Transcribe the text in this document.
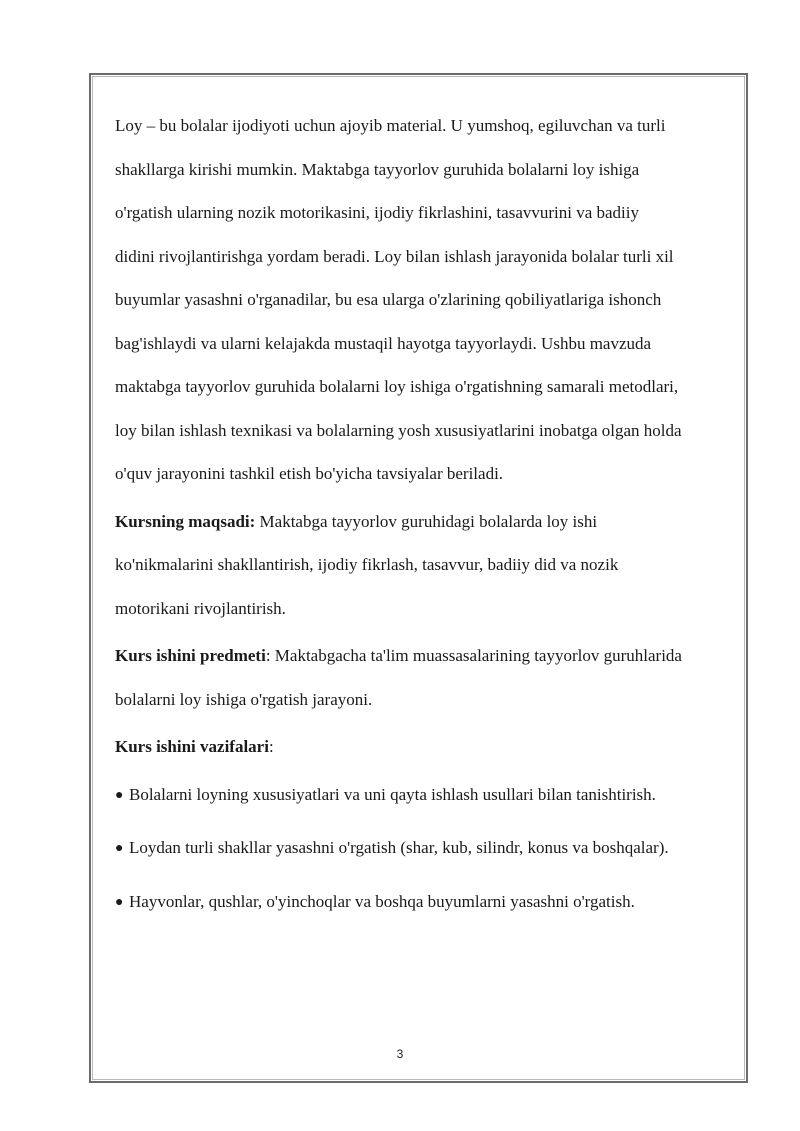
Loy – bu bolalar ijodiyoti uchun ajoyib material. U yumshoq, egiluvchan va turli
shakllarga kirishi mumkin. Maktabga tayyorlov guruhida bolalarni loy ishiga
o'rgatish ularning nozik motorikasini, ijodiy fikrlashini, tasavvurini va badiiy
didini rivojlantirishga yordam beradi. Loy bilan ishlash jarayonida bolalar turli xil
buyumlar yasashni o'rganadilar, bu esa ularga o'zlarining qobiliyatlariga ishonch
bag'ishlaydi va ularni kelajakda mustaqil hayotga tayyorlaydi. Ushbu mavzuda
maktabga tayyorlov guruhida bolalarni loy ishiga o'rgatishning samarali metodlari,
loy bilan ishlash texnikasi va bolalarning yosh xususiyatlarini inobatga olgan holda
o'quv jarayonini tashkil etish bo'yicha tavsiyalar beriladi.
Kursning maqsadi: Maktabga tayyorlov guruhidagi bolalarda loy ishi
ko'nikmalarini shakllantirish, ijodiy fikrlash, tasavvur, badiiy did va nozik
motorikani rivojlantirish.
Kurs ishini predmeti: Maktabgacha ta'lim muassasalarining tayyorlov guruhlarida
bolalarni loy ishiga o'rgatish jarayoni.
Kurs ishini vazifalari:
● Bolalarni loyning xususiyatlari va uni qayta ishlash usullari bilan tanishtirish.
● Loydan turli shakllar yasashni o'rgatish (shar, kub, silindr, konus va boshqalar).
● Hayvonlar, qushlar, o'yinchoqlar va boshqa buyumlarni yasashni o'rgatish.
3
